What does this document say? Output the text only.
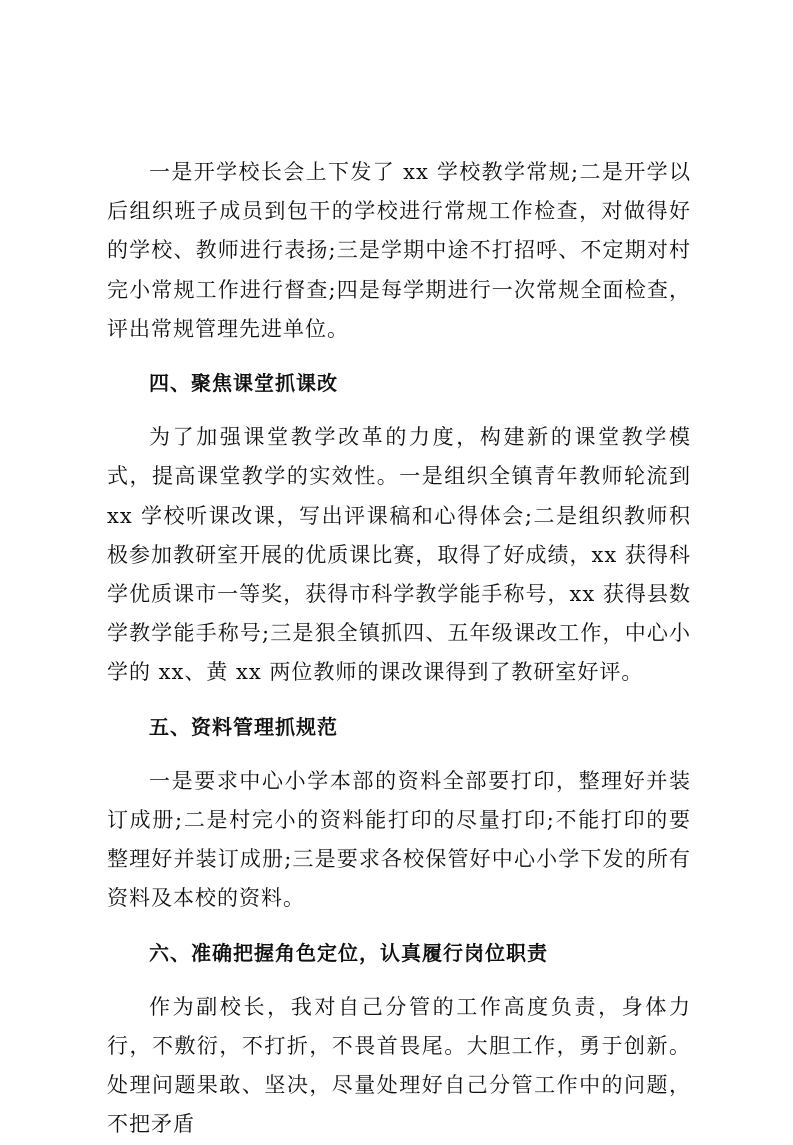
一是开学校长会上下发了 xx 学校教学常规;二是开学以后组织班子成员到包干的学校进行常规工作检查，对做得好的学校、教师进行表扬;三是学期中途不打招呼、不定期对村完小常规工作进行督查;四是每学期进行一次常规全面检查，评出常规管理先进单位。

四、聚焦课堂抓课改

为了加强课堂教学改革的力度，构建新的课堂教学模式，提高课堂教学的实效性。一是组织全镇青年教师轮流到 xx 学校听课改课，写出评课稿和心得体会;二是组织教师积极参加教研室开展的优质课比赛，取得了好成绩，xx 获得科学优质课市一等奖，获得市科学教学能手称号，xx 获得县数学教学能手称号;三是狠全镇抓四、五年级课改工作，中心小学的 xx、黄 xx 两位教师的课改课得到了教研室好评。

五、资料管理抓规范

一是要求中心小学本部的资料全部要打印，整理好并装订成册;二是村完小的资料能打印的尽量打印;不能打印的要整理好并装订成册;三是要求各校保管好中心小学下发的所有资料及本校的资料。

六、准确把握角色定位，认真履行岗位职责

作为副校长，我对自己分管的工作高度负责，身体力行，不敷衍，不打折，不畏首畏尾。大胆工作，勇于创新。处理问题果敢、坚决，尽量处理好自己分管工作中的问题，不把矛盾
